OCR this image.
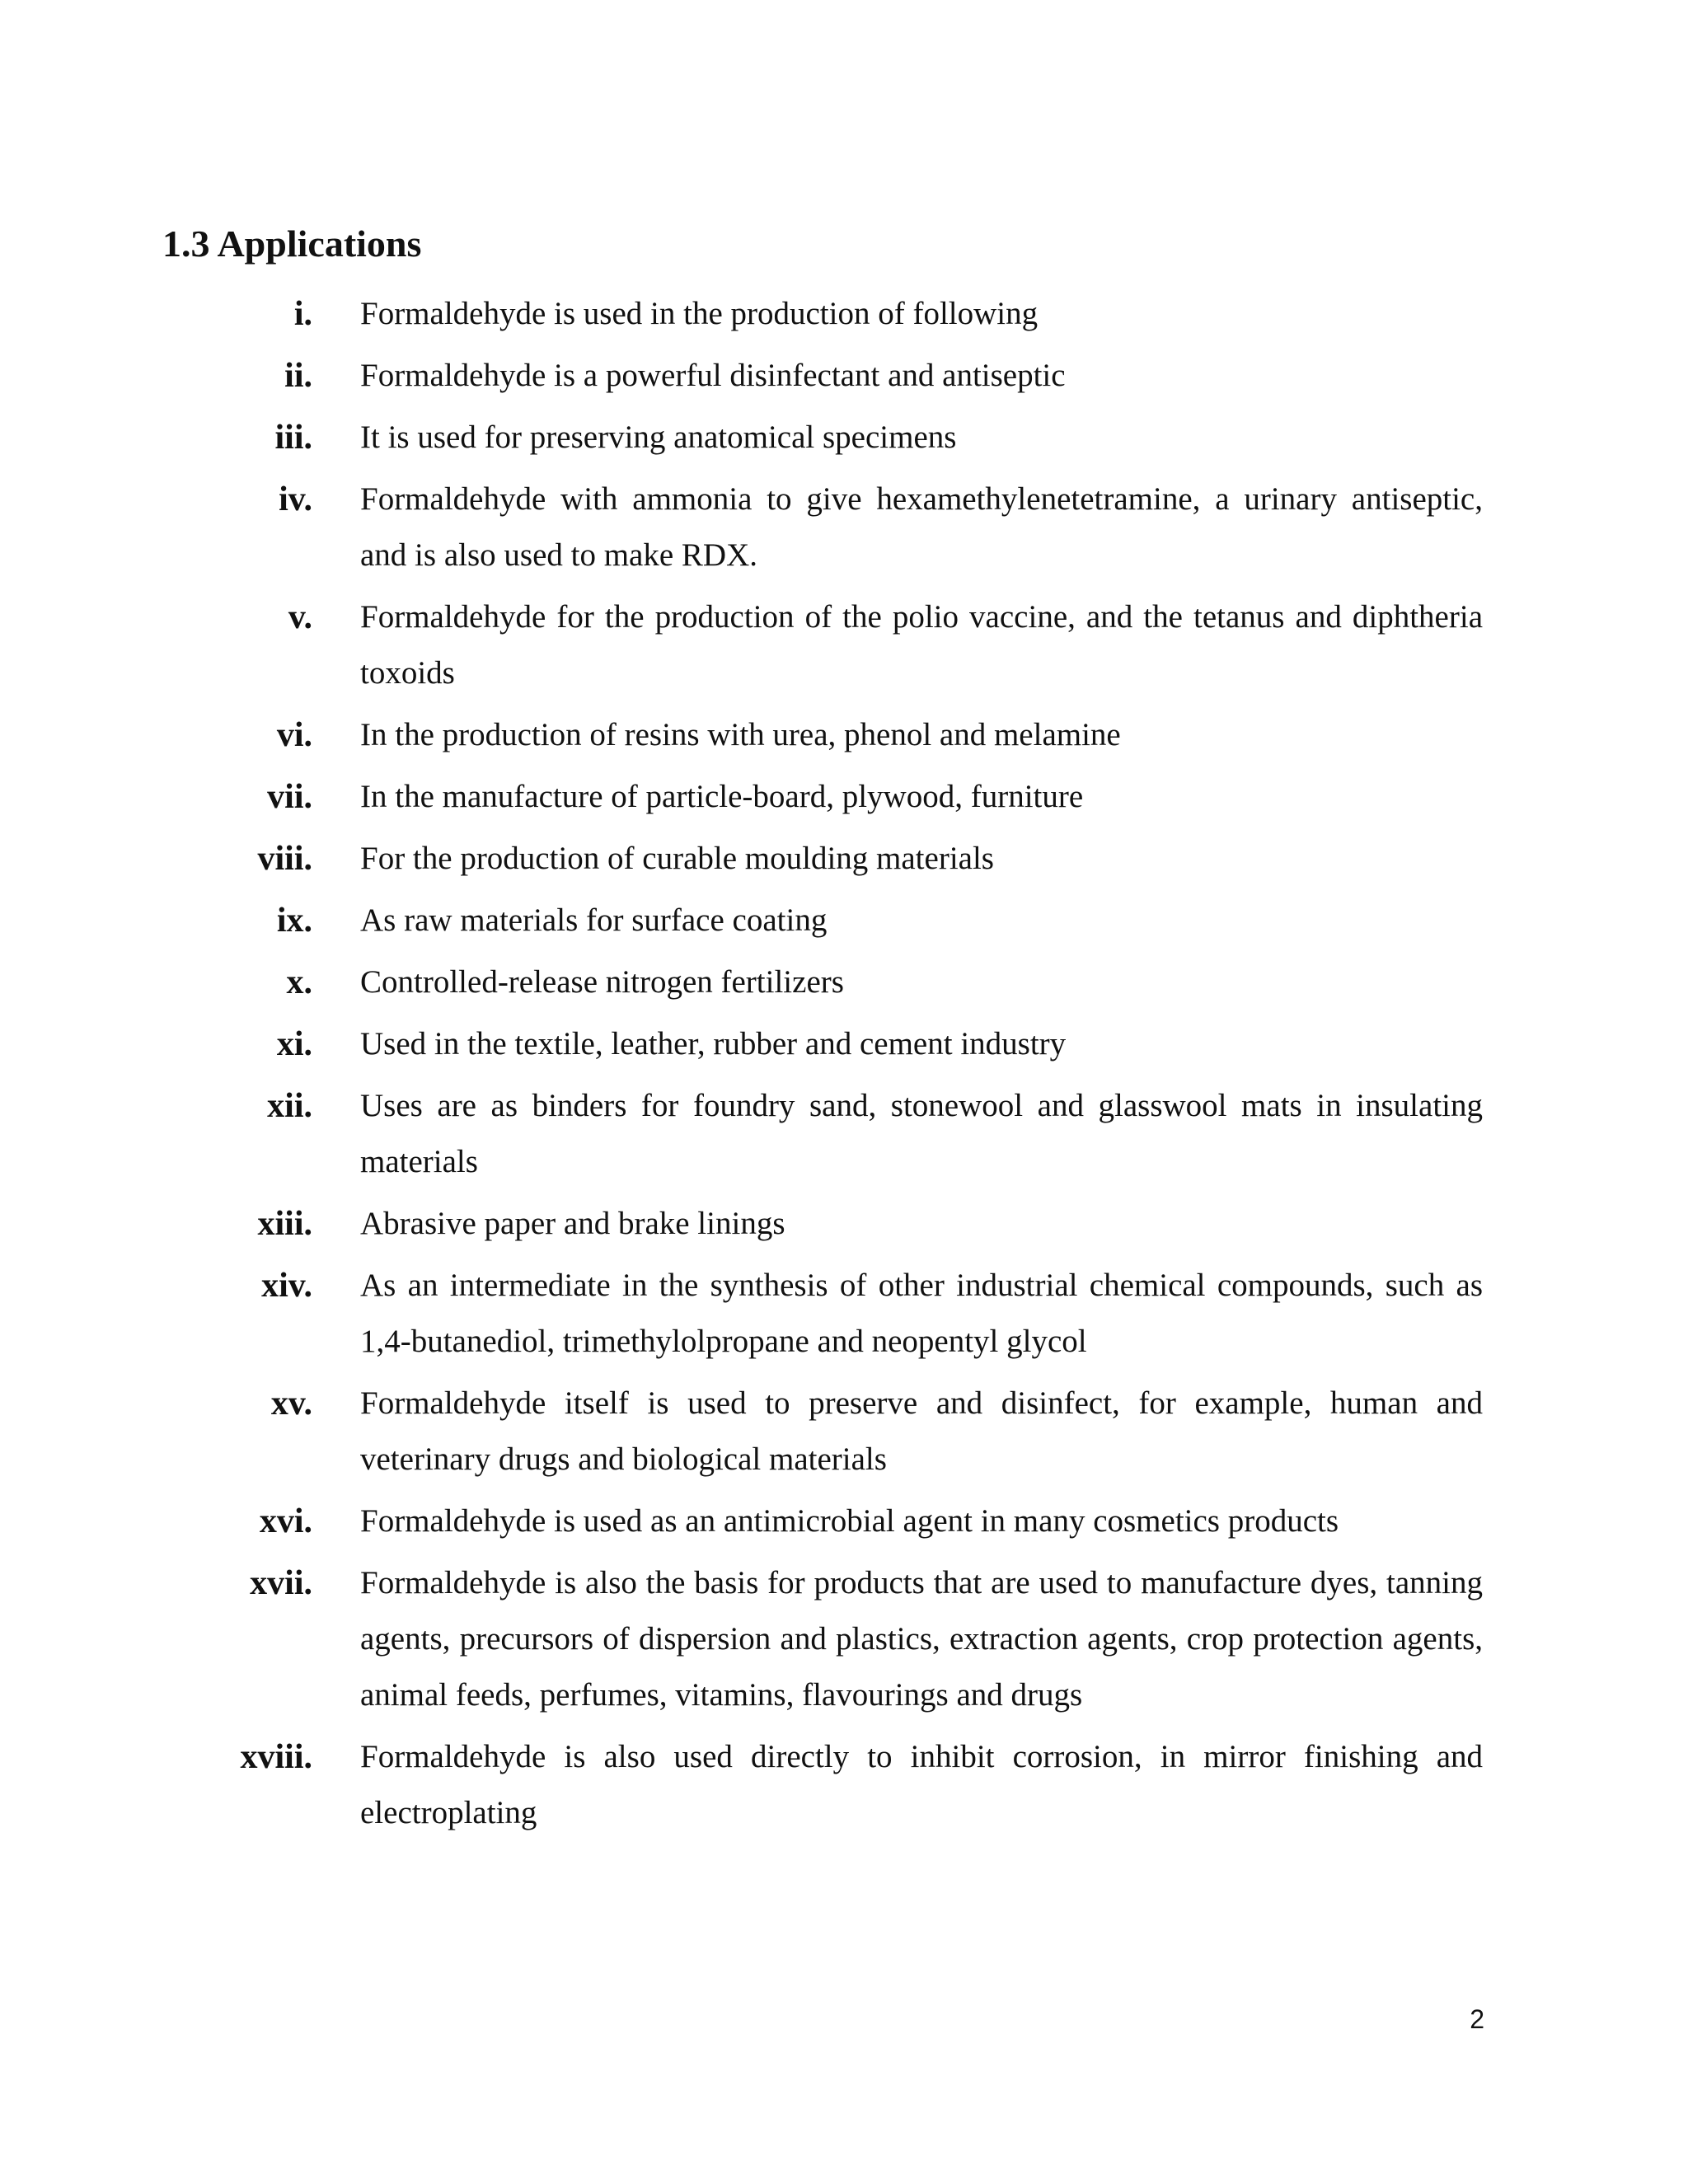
1.3 Applications
i. Formaldehyde is used in the production of following
ii. Formaldehyde is a powerful disinfectant and antiseptic
iii. It is used for preserving anatomical specimens
iv. Formaldehyde with ammonia to give hexamethylenetetramine, a urinary antiseptic, and is also used to make RDX.
v. Formaldehyde for the production of the polio vaccine, and the tetanus and diphtheria toxoids
vi. In the production of resins with urea, phenol and melamine
vii. In the manufacture of particle-board, plywood, furniture
viii. For the production of curable moulding materials
ix. As raw materials for surface coating
x. Controlled-release nitrogen fertilizers
xi. Used in the textile, leather, rubber and cement industry
xii. Uses are as binders for foundry sand, stonewool and glasswool mats in insulating materials
xiii. Abrasive paper and brake linings
xiv. As an intermediate in the synthesis of other industrial chemical compounds, such as 1,4-butanediol, trimethylolpropane and neopentyl glycol
xv. Formaldehyde itself is used to preserve and disinfect, for example, human and veterinary drugs and biological materials
xvi. Formaldehyde is used as an antimicrobial agent in many cosmetics products
xvii. Formaldehyde is also the basis for products that are used to manufacture dyes, tanning agents, precursors of dispersion and plastics, extraction agents, crop protection agents, animal feeds, perfumes, vitamins, flavourings and drugs
xviii. Formaldehyde is also used directly to inhibit corrosion, in mirror finishing and electroplating
2
